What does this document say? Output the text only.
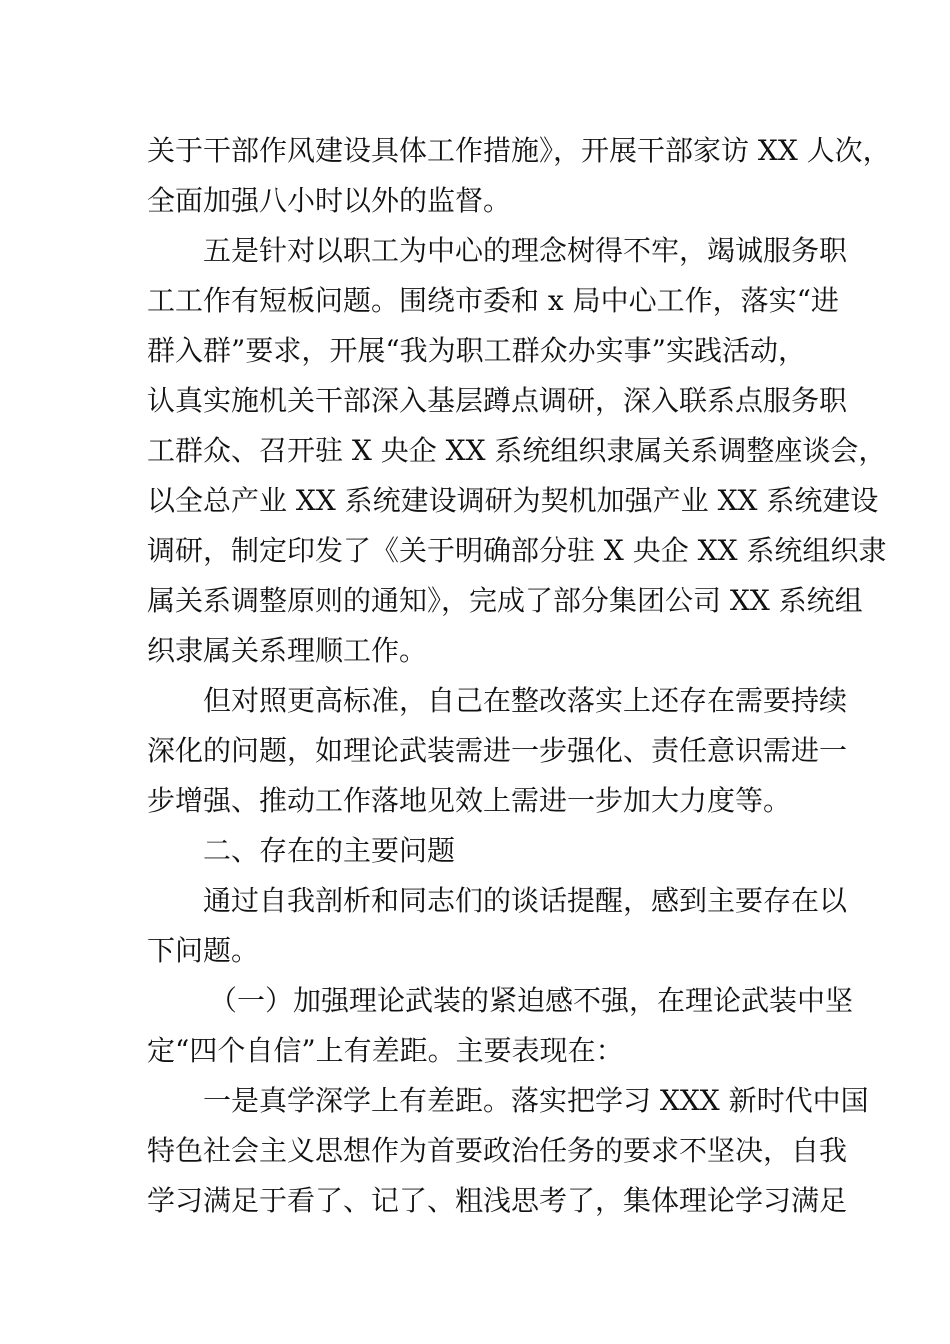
关于干部作风建设具体工作措施》，开展干部家访 XX 人次，
全面加强八小时以外的监督。
五是针对以职工为中心的理念树得不牢，竭诚服务职
工工作有短板问题。围绕市委和 x 局中心工作，落实“进
群入群”要求，开展“我为职工群众办实事”实践活动，
认真实施机关干部深入基层蹲点调研，深入联系点服务职
工群众、召开驻 X 央企 XX 系统组织隶属关系调整座谈会，
以全总产业 XX 系统建设调研为契机加强产业 XX 系统建设
调研，制定印发了《关于明确部分驻 X 央企 XX 系统组织隶
属关系调整原则的通知》，完成了部分集团公司 XX 系统组
织隶属关系理顺工作。
但对照更高标准，自己在整改落实上还存在需要持续
深化的问题，如理论武装需进一步强化、责任意识需进一
步增强、推动工作落地见效上需进一步加大力度等。
二、存在的主要问题
通过自我剖析和同志们的谈话提醒，感到主要存在以
下问题。
（一）加强理论武装的紧迫感不强，在理论武装中坚
定“四个自信”上有差距。主要表现在：
一是真学深学上有差距。落实把学习 XXX 新时代中国
特色社会主义思想作为首要政治任务的要求不坚决，自我
学习满足于看了、记了、粗浅思考了，集体理论学习满足
